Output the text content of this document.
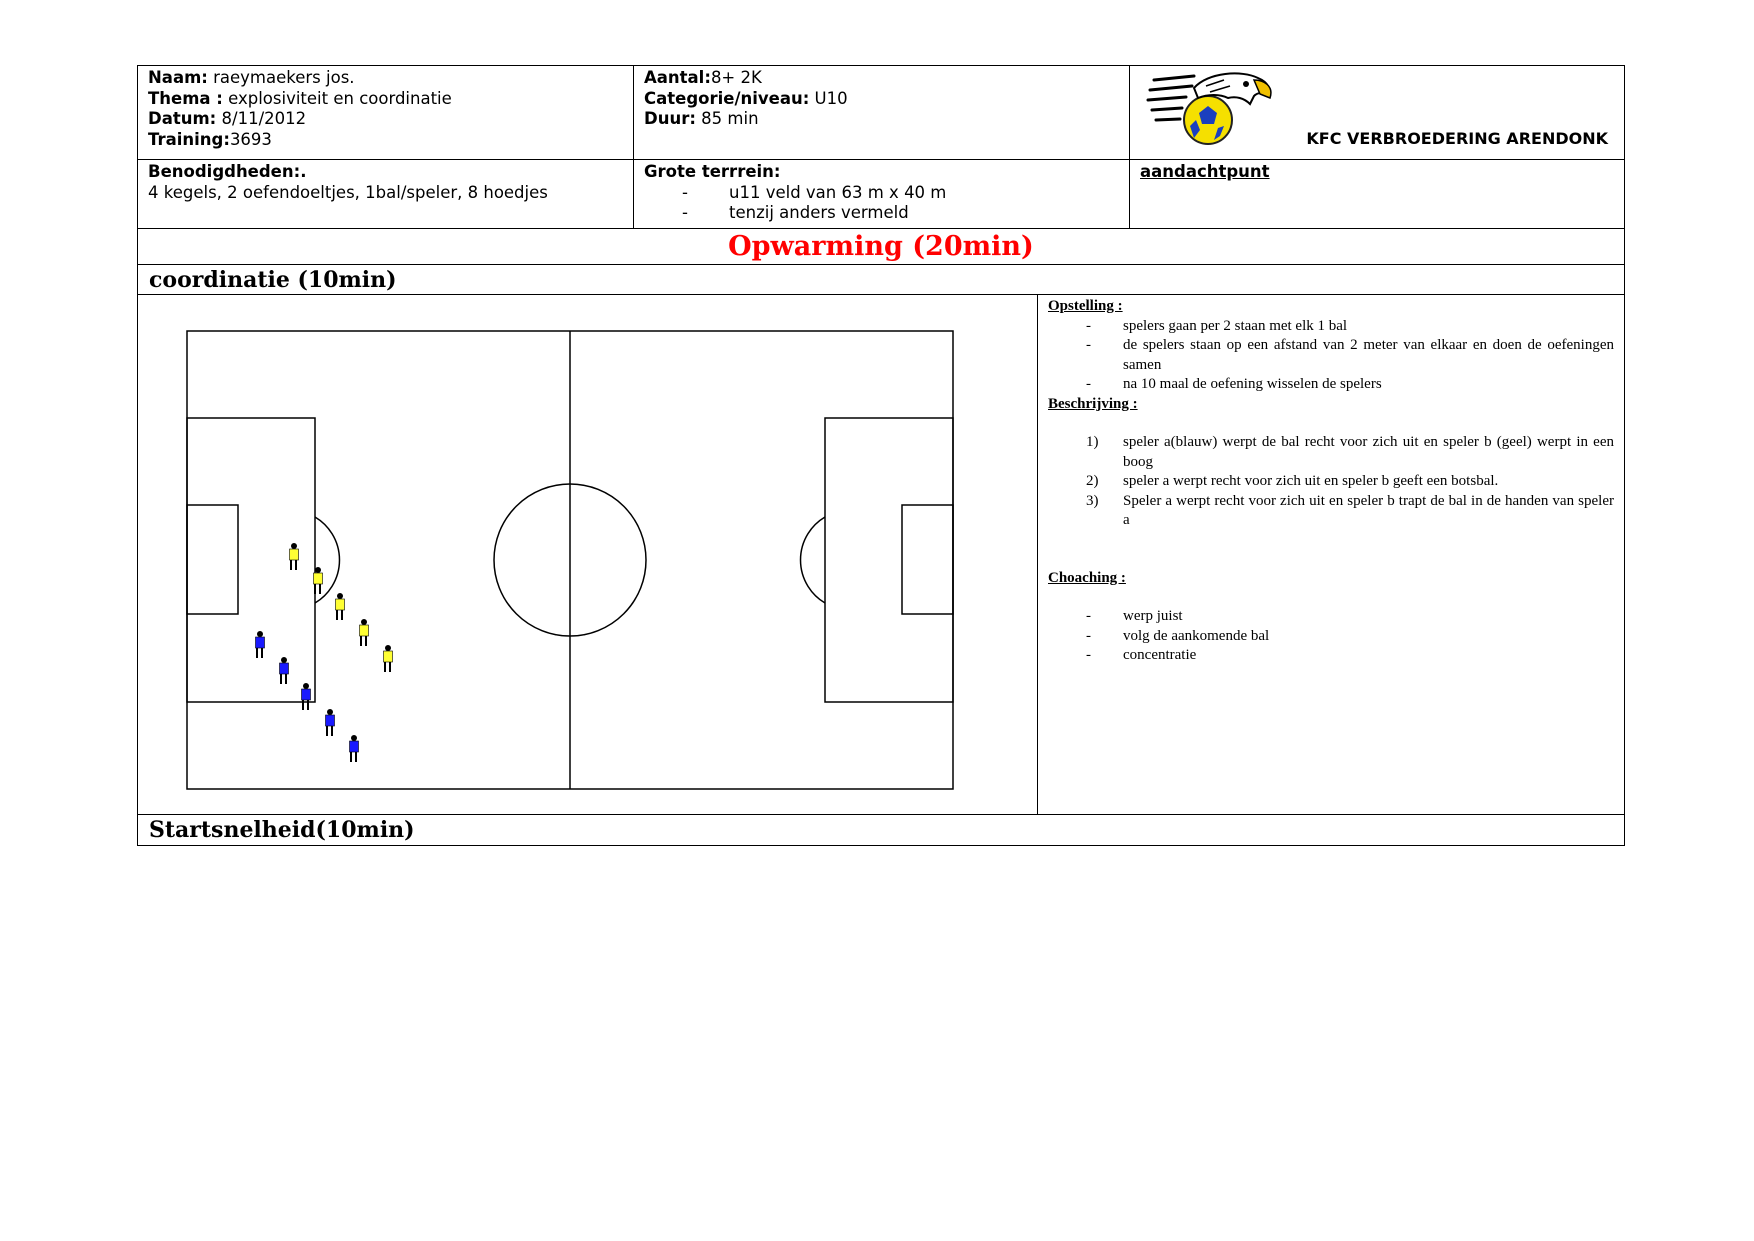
Naam: raeymaekers jos.
Thema : explosiviteit en coordinatie
Datum: 8/11/2012
Training:3693
Aantal:8+ 2K
Categorie/niveau: U10
Duur: 85 min
KFC VERBROEDERING ARENDONK
Benodigdheden:.
4 kegels, 2 oefendoeltjes, 1bal/speler, 8 hoedjes
Grote terrrein:
- u11 veld van 63 m x 40 m
- tenzij anders vermeld
aandachtpunt
Opwarming (20min)
coordinatie (10min)
Opstelling :
- spelers gaan per 2 staan met elk 1 bal
- de spelers staan op een afstand van 2 meter van elkaar en doen de oefeningen samen
- na 10 maal de oefening wisselen de spelers
Beschrijving :
1) speler a(blauw) werpt de bal recht voor zich uit en speler b (geel) werpt in een boog
2) speler a werpt recht voor zich uit en speler b geeft een botsbal.
3) Speler a werpt recht voor zich uit en speler b trapt de bal in de handen van speler a
Choaching :
- werp juist
- volg de aankomende bal
- concentratie
Startsnelheid(10min)
